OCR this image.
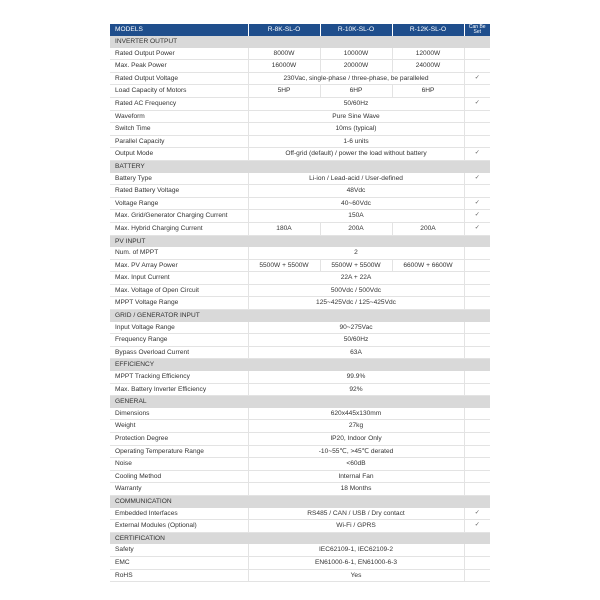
MODELS	R-8K-SL-O	R-10K-SL-O	R-12K-SL-O	Can Be
Set
INVERTER OUTPUT				
Rated Output Power	8000W	10000W	12000W	
Max. Peak Power	16000W	20000W	24000W	
Rated Output Voltage	230Vac, single-phase / three-phase, be paralleled			✓
Load Capacity of Motors	5HP	6HP	6HP	
Rated AC Frequency	50/60Hz			✓
Waveform	Pure Sine Wave			
Switch Time	10ms (typical)			
Parallel Capacity	1-6 units			
Output Mode	Off-grid (default) / power the load without battery			✓
BATTERY				
Battery Type	Li-ion / Lead-acid / User-defined			✓
Rated Battery Voltage	48Vdc			
Voltage Range	40~60Vdc			✓
Max. Grid/Generator Charging Current	150A			✓
Max. Hybrid Charging Current	180A	200A	200A	✓
PV INPUT				
Num. of MPPT	2			
Max. PV Array Power	5500W + 5500W	5500W + 5500W	6600W + 6600W	
Max. Input Current	22A + 22A			
Max. Voltage of Open Circuit	500Vdc / 500Vdc			
MPPT Voltage Range	125~425Vdc / 125~425Vdc			
GRID / GENERATOR INPUT				
Input Voltage Range	90~275Vac			
Frequency Range	50/60Hz			
Bypass Overload Current	63A			
EFFICIENCY				
MPPT Tracking Efficiency	99.9%			
Max. Battery Inverter Efficiency	92%			
GENERAL				
Dimensions	620x445x130mm			
Weight	27kg			
Protection Degree	IP20, Indoor Only			
Operating Temperature Range	-10~55℃, >45℃ derated			
Noise	<60dB			
Cooling Method	Internal Fan			
Warranty	18 Months			
COMMUNICATION				
Embedded Interfaces	RS485 / CAN / USB / Dry contact			✓
External Modules (Optional)	Wi-Fi / GPRS			✓
CERTIFICATION				
Safety	IEC62109-1, IEC62109-2			
EMC	EN61000-6-1, EN61000-6-3			
RoHS	Yes			
